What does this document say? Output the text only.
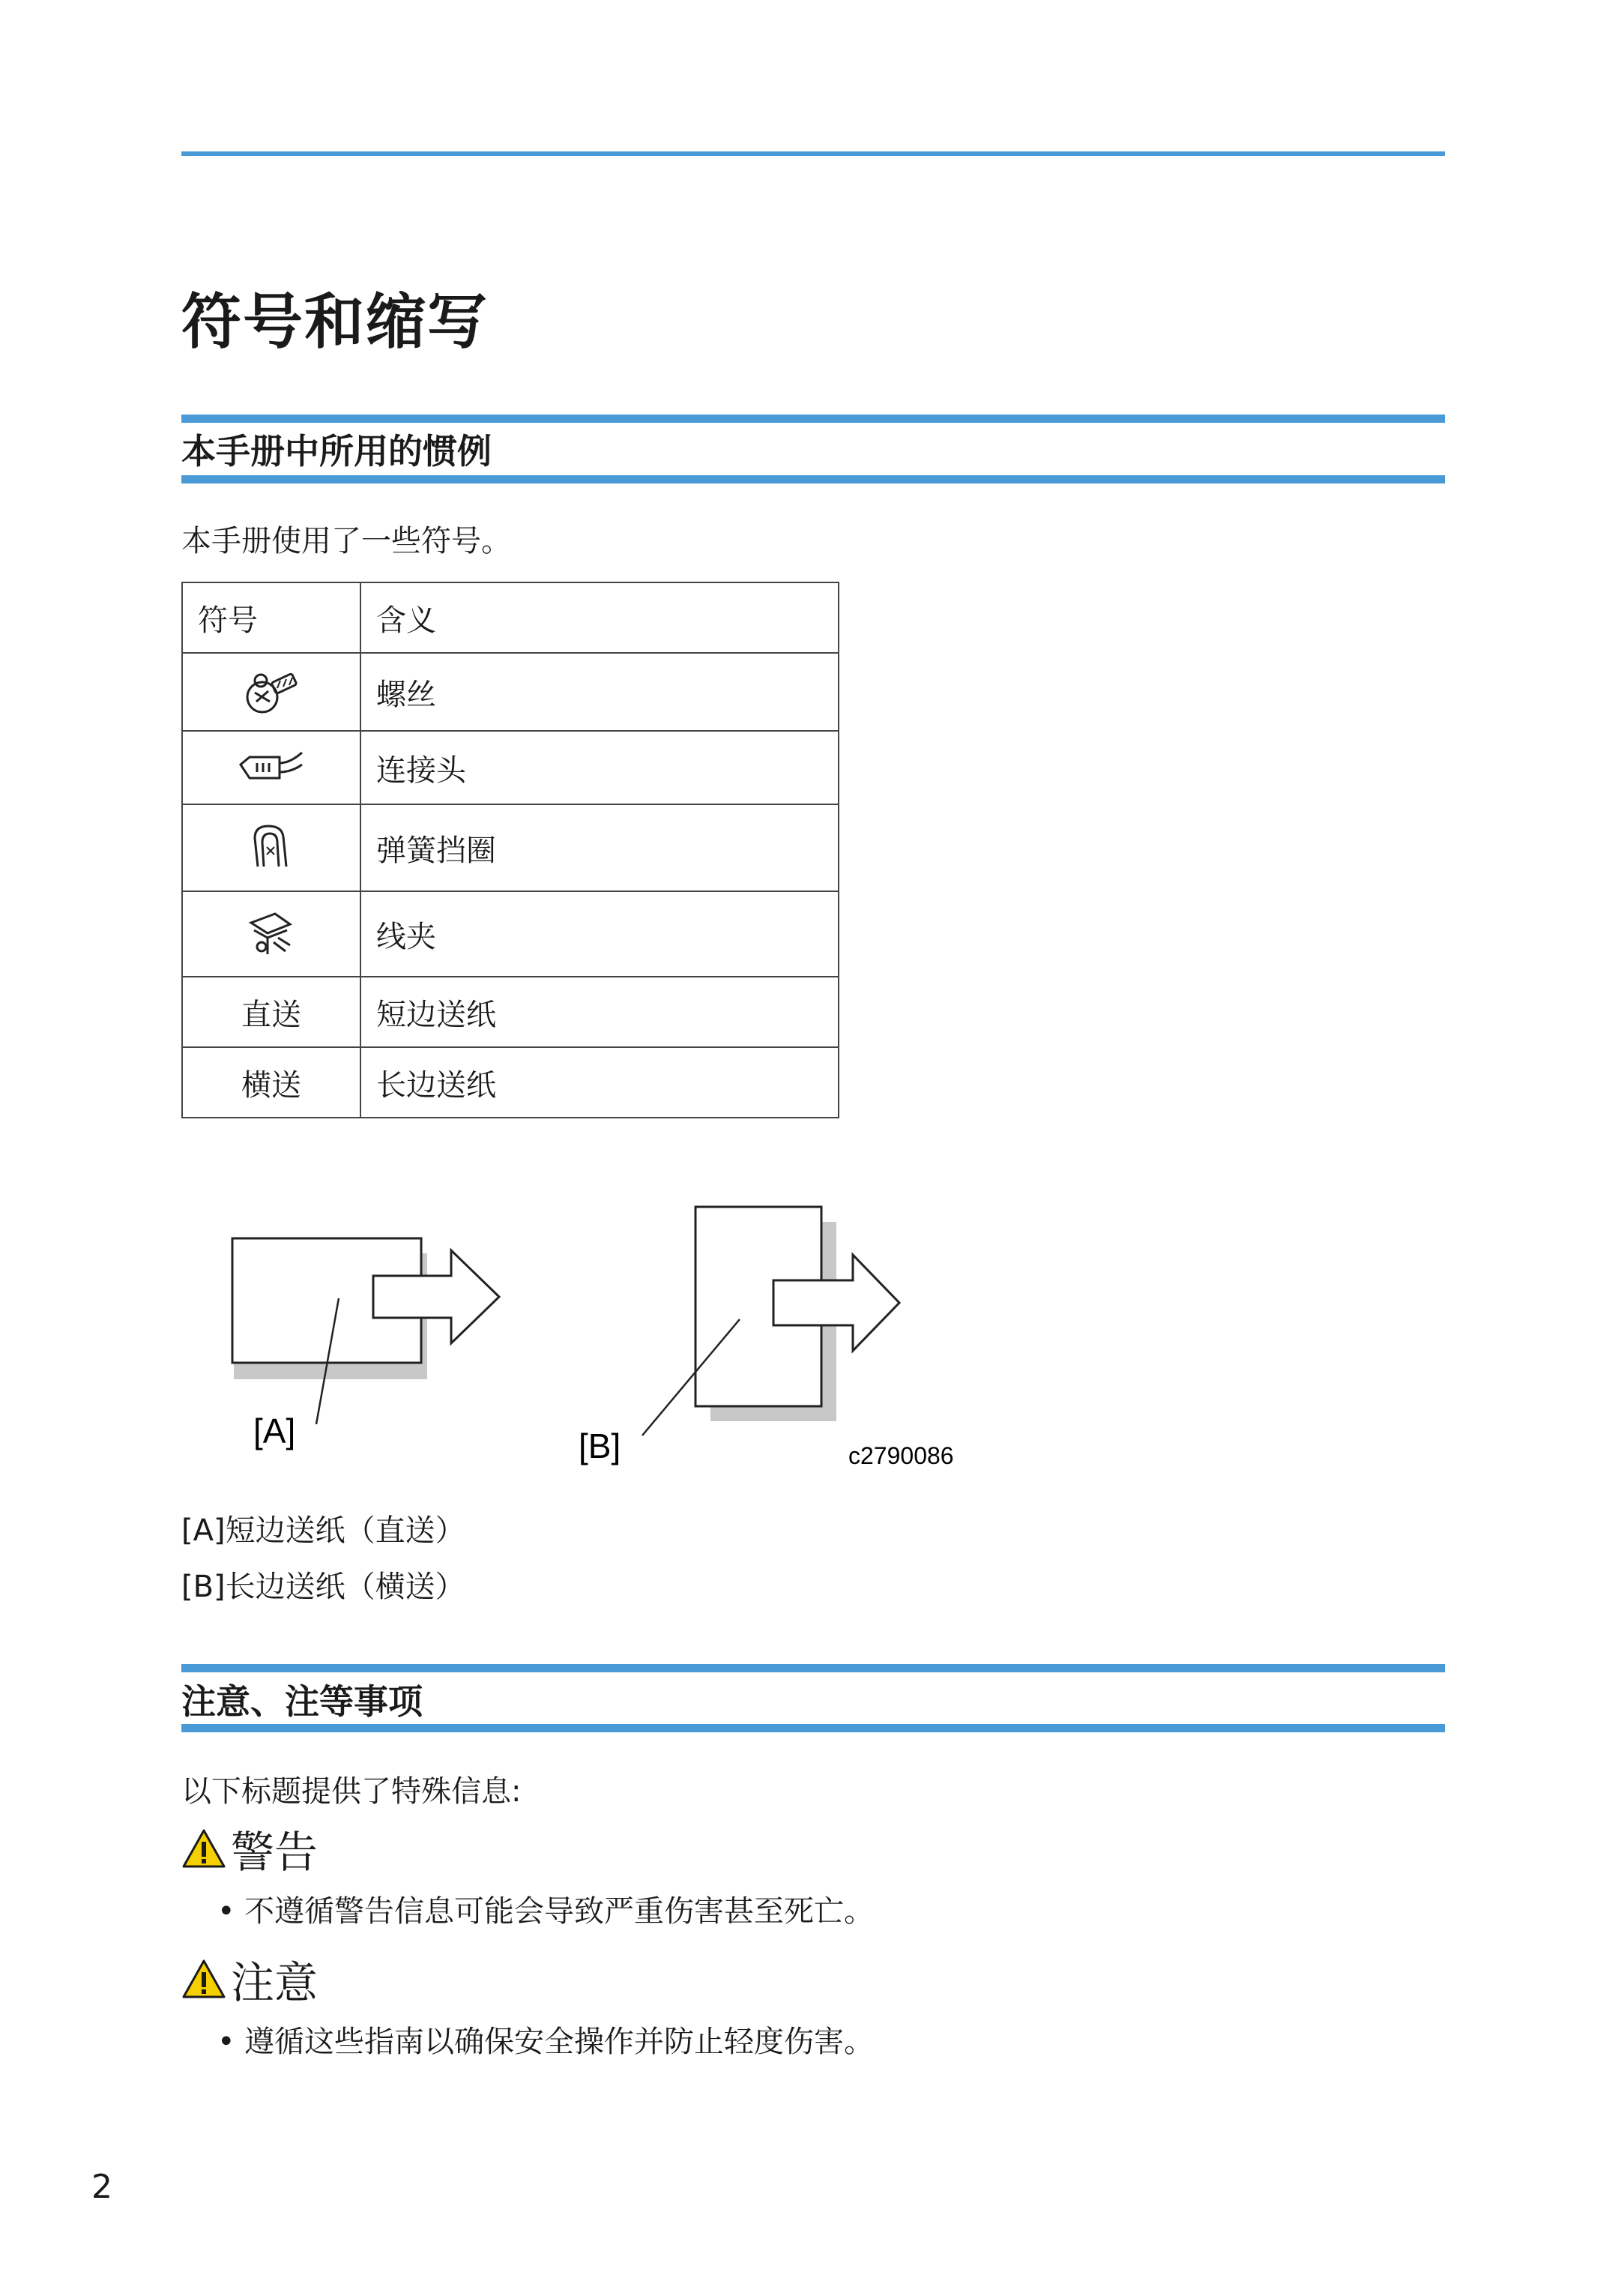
符号和缩写
本手册中所用的惯例
本手册使用了一些符号。
符号	含义

	螺丝

	连接头

	弹簧挡圈

	线夹
直送	短边送纸
横送	长边送纸
[A]	[B]	c2790086
[A]短边送纸（直送）
[B]长边送纸（横送）
注意、注等事项
以下标题提供了特殊信息:
警告
• 不遵循警告信息可能会导致严重伤害甚至死亡。
注意
• 遵循这些指南以确保安全操作并防止轻度伤害。
2
